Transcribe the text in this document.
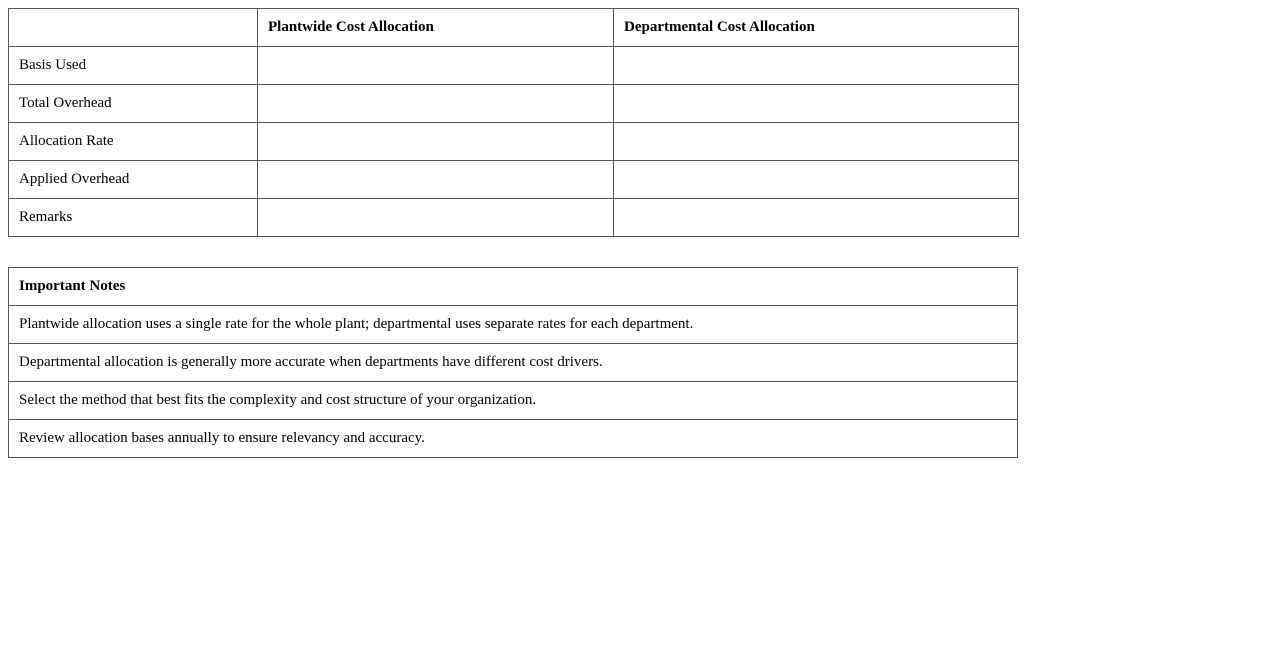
	Plantwide Cost Allocation	Departmental Cost Allocation
Basis Used		
Total Overhead		
Allocation Rate		
Applied Overhead		
Remarks		
Important Notes
Plantwide allocation uses a single rate for the whole plant; departmental uses separate rates for each department.
Departmental allocation is generally more accurate when departments have different cost drivers.
Select the method that best fits the complexity and cost structure of your organization.
Review allocation bases annually to ensure relevancy and accuracy.
